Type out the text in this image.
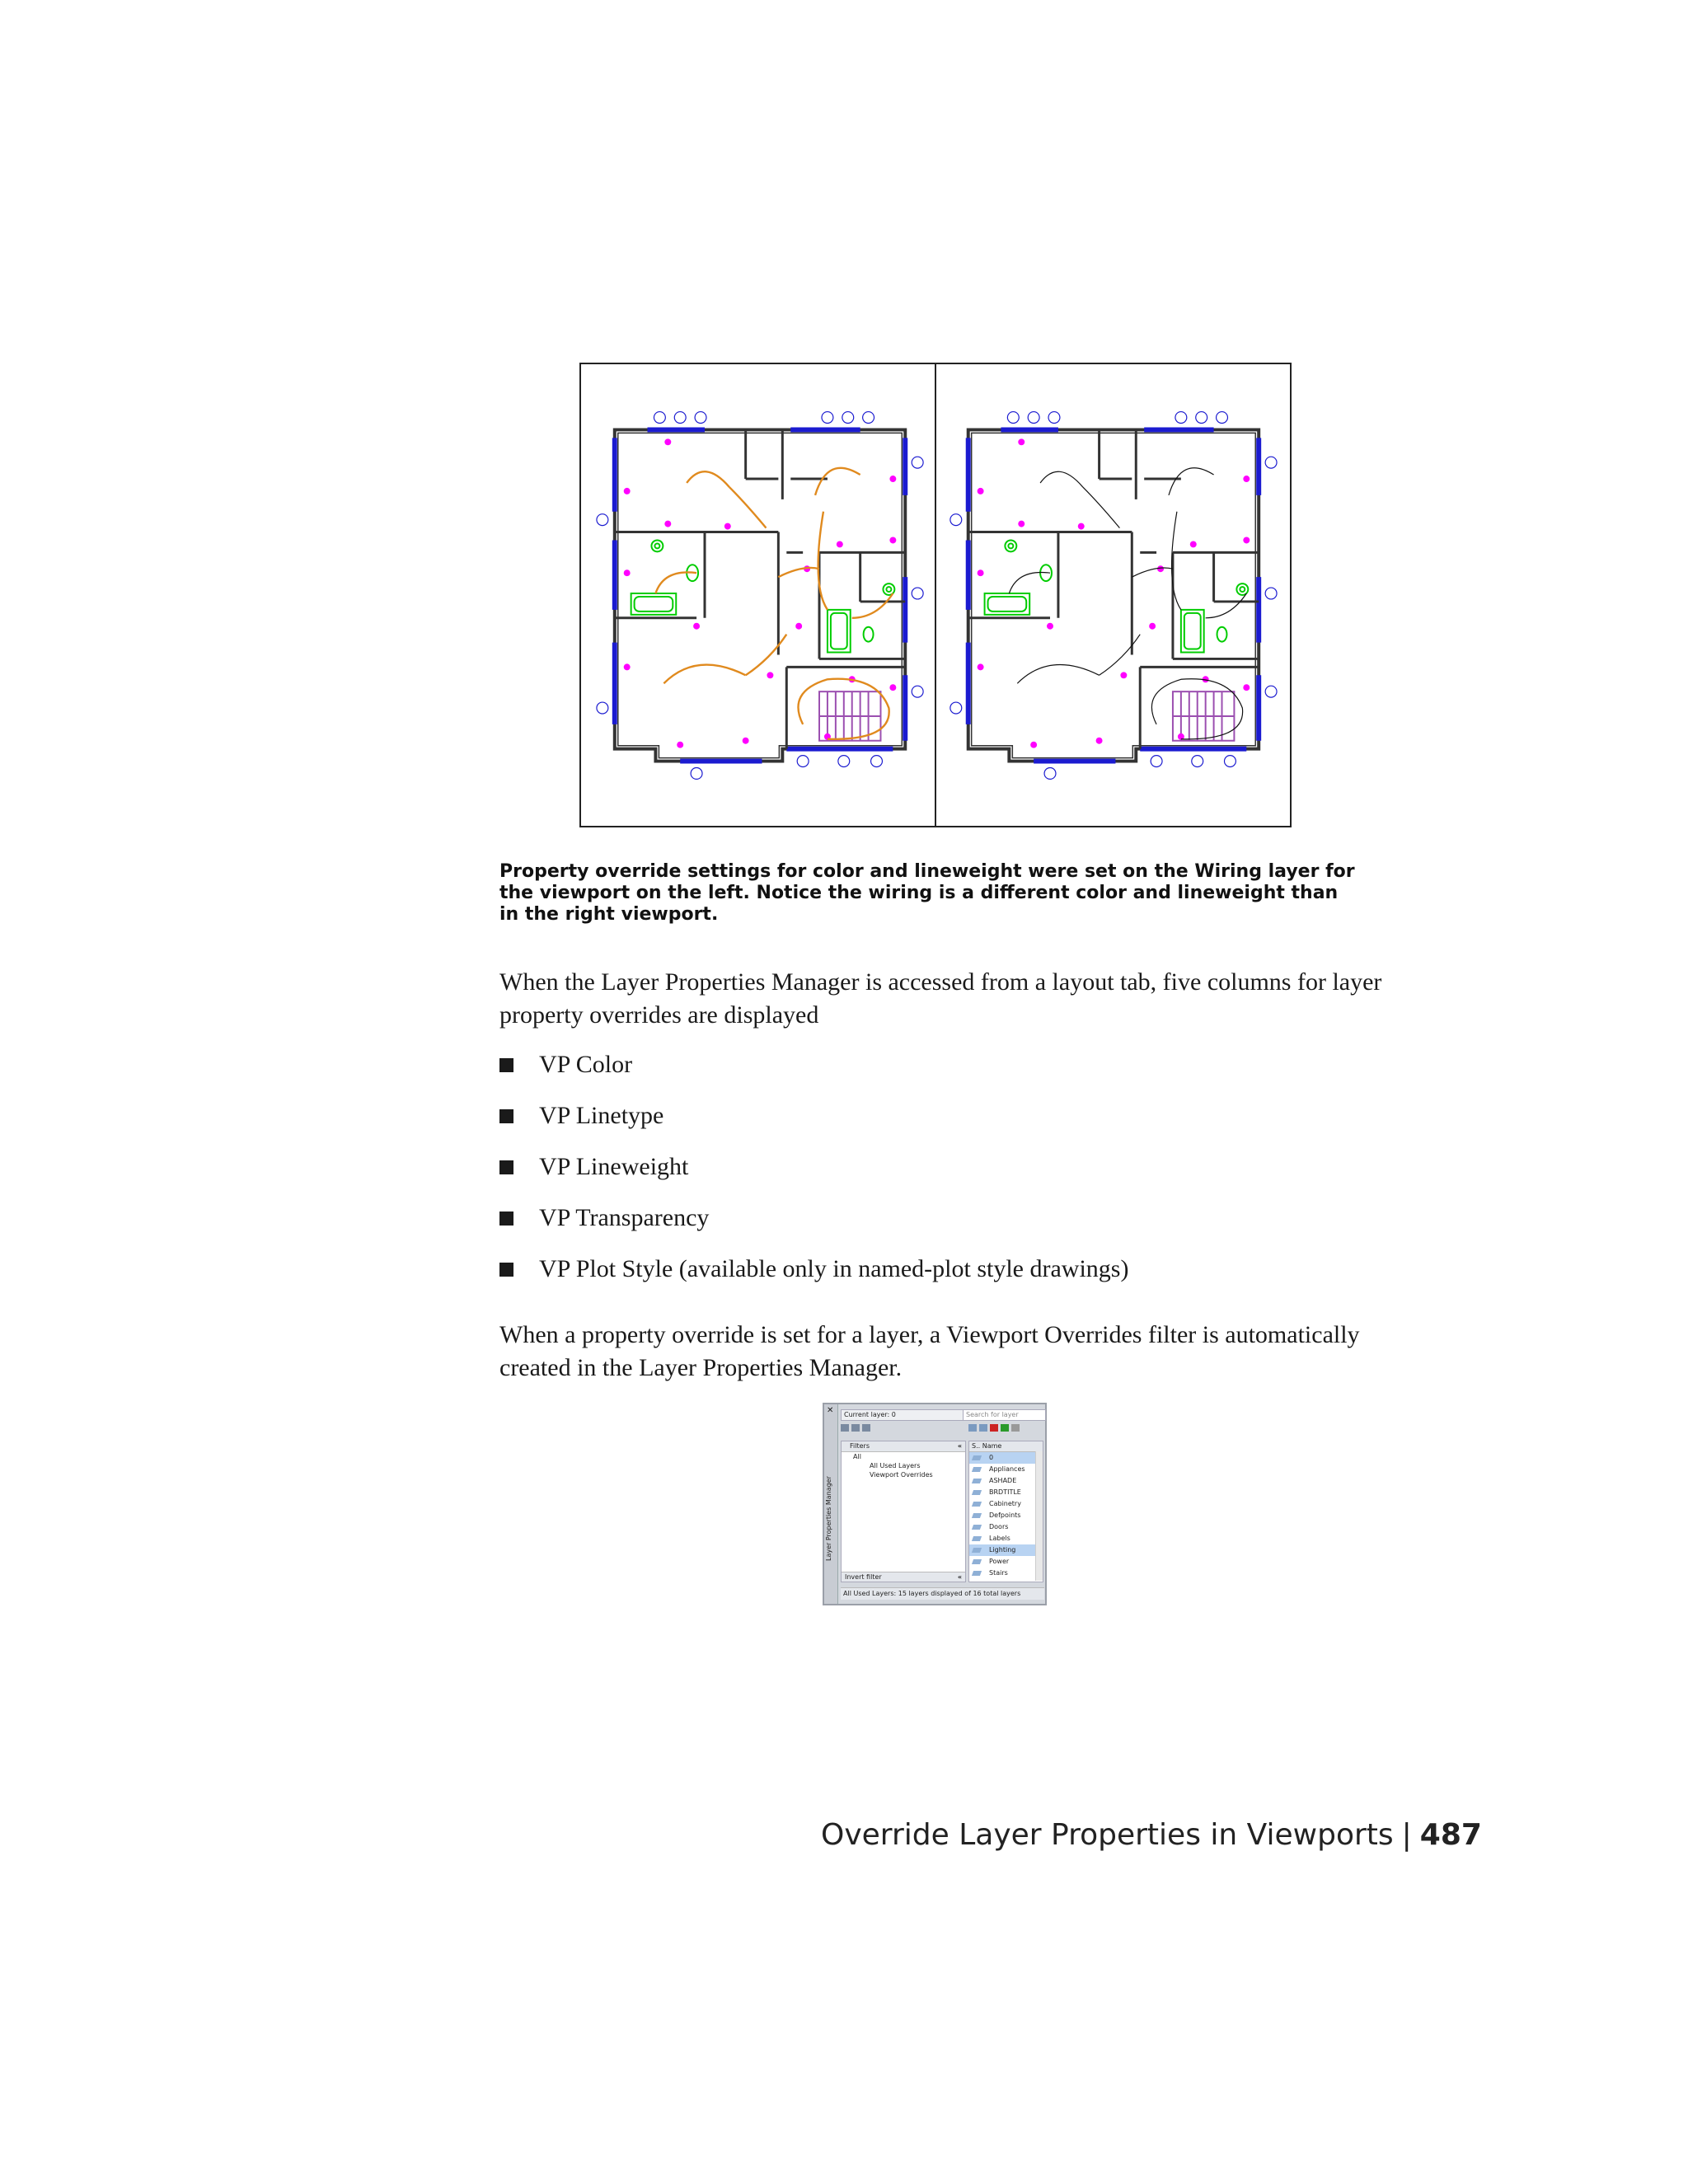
Property override settings for color and lineweight were set on the Wiring layer for the viewport on the left. Notice the wiring is a different color and lineweight than in the right viewport.

When the Layer Properties Manager is accessed from a layout tab, five columns for layer property overrides are displayed

VP Color
VP Linetype
VP Lineweight
VP Transparency
VP Plot Style (available only in named-plot style drawings)

When a property override is set for a layer, a Viewport Overrides filter is automatically created in the Layer Properties Manager.

✕
Layer Properties Manager
Current layer: 0	Search for layer
Filters	«
All
All Used Layers
Viewport Overrides
Invert filter	«
S.. Name
0
Appliances
ASHADE
BRDTITLE
Cabinetry
Defpoints
Doors
Labels
Lighting
Power
Stairs
All Used Layers: 15 layers displayed of 16 total layers
Override Layer Properties in Viewports | 487
